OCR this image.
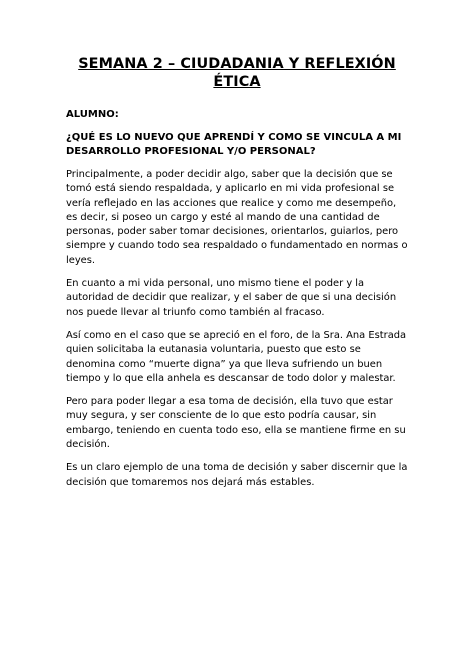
SEMANA 2 – CIUDADANIA Y REFLEXIÓN ÉTICA

ALUMNO:

¿QUÉ ES LO NUEVO QUE APRENDÍ Y COMO SE VINCULA A MI DESARROLLO PROFESIONAL Y/O PERSONAL?

Principalmente, a poder decidir algo, saber que la decisión que se tomó está siendo respaldada, y aplicarlo en mi vida profesional se vería reflejado en las acciones que realice y como me desempeño, es decir, si poseo un cargo y esté al mando de una cantidad de personas, poder saber tomar decisiones, orientarlos, guiarlos, pero siempre y cuando todo sea respaldado o fundamentado en normas o leyes.

En cuanto a mi vida personal, uno mismo tiene el poder y la autoridad de decidir que realizar, y el saber de que si una decisión nos puede llevar al triunfo como también al fracaso.

Así como en el caso que se apreció en el foro, de la Sra. Ana Estrada quien solicitaba la eutanasia voluntaria, puesto que esto se denomina como “muerte digna” ya que lleva sufriendo un buen tiempo y lo que ella anhela es descansar de todo dolor y malestar.

Pero para poder llegar a esa toma de decisión, ella tuvo que estar muy segura, y ser consciente de lo que esto podría causar, sin embargo, teniendo en cuenta todo eso, ella se mantiene firme en su decisión.

Es un claro ejemplo de una toma de decisión y saber discernir que la decisión que tomaremos nos dejará más estables.
